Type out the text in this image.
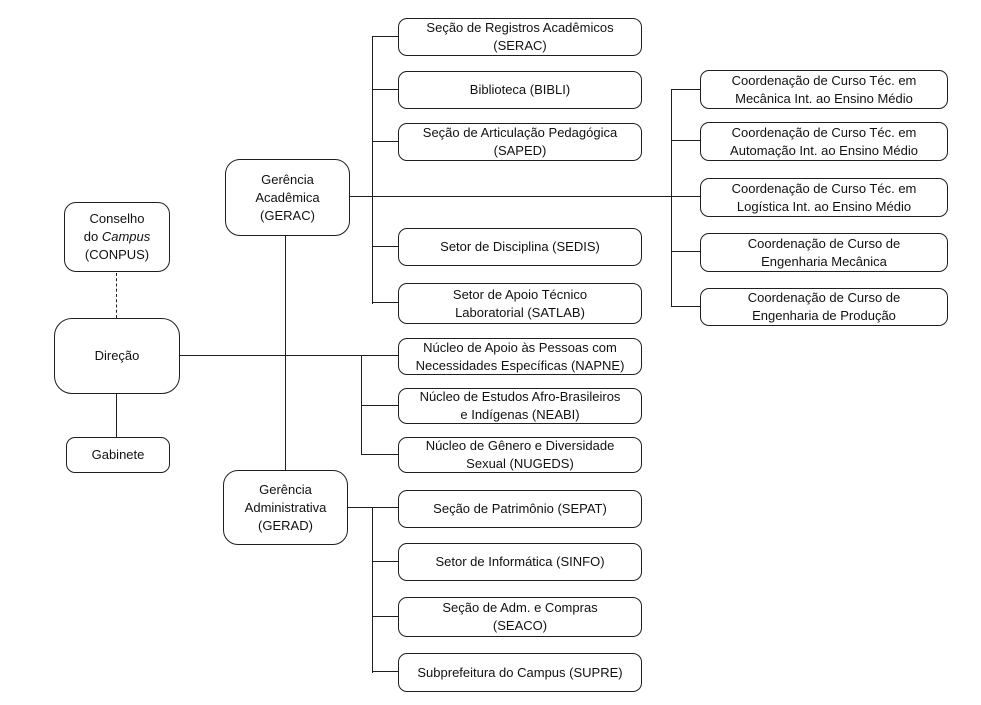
Conselho
do Campus
(CONPUS)
Direção
Gabinete
Gerência
Acadêmica
(GERAC)
Gerência
Administrativa
(GERAD)
Seção de Registros Acadêmicos
(SERAC)
Biblioteca (BIBLI)
Seção de Articulação Pedagógica
(SAPED)
Setor de Disciplina (SEDIS)
Setor de Apoio Técnico
Laboratorial (SATLAB)
Núcleo de Apoio às Pessoas com
Necessidades Específicas (NAPNE)
Núcleo de Estudos Afro-Brasileiros
e Indígenas (NEABI)
Núcleo de Gênero e Diversidade
Sexual (NUGEDS)
Seção de Patrimônio (SEPAT)
Setor de Informática (SINFO)
Seção de Adm. e Compras
(SEACO)
Subprefeitura do Campus (SUPRE)
Coordenação de Curso Téc. em
Mecânica Int. ao Ensino Médio
Coordenação de Curso Téc. em
Automação Int. ao Ensino Médio
Coordenação de Curso Téc. em
Logística Int. ao Ensino Médio
Coordenação de Curso de
Engenharia Mecânica
Coordenação de Curso de
Engenharia de Produção
